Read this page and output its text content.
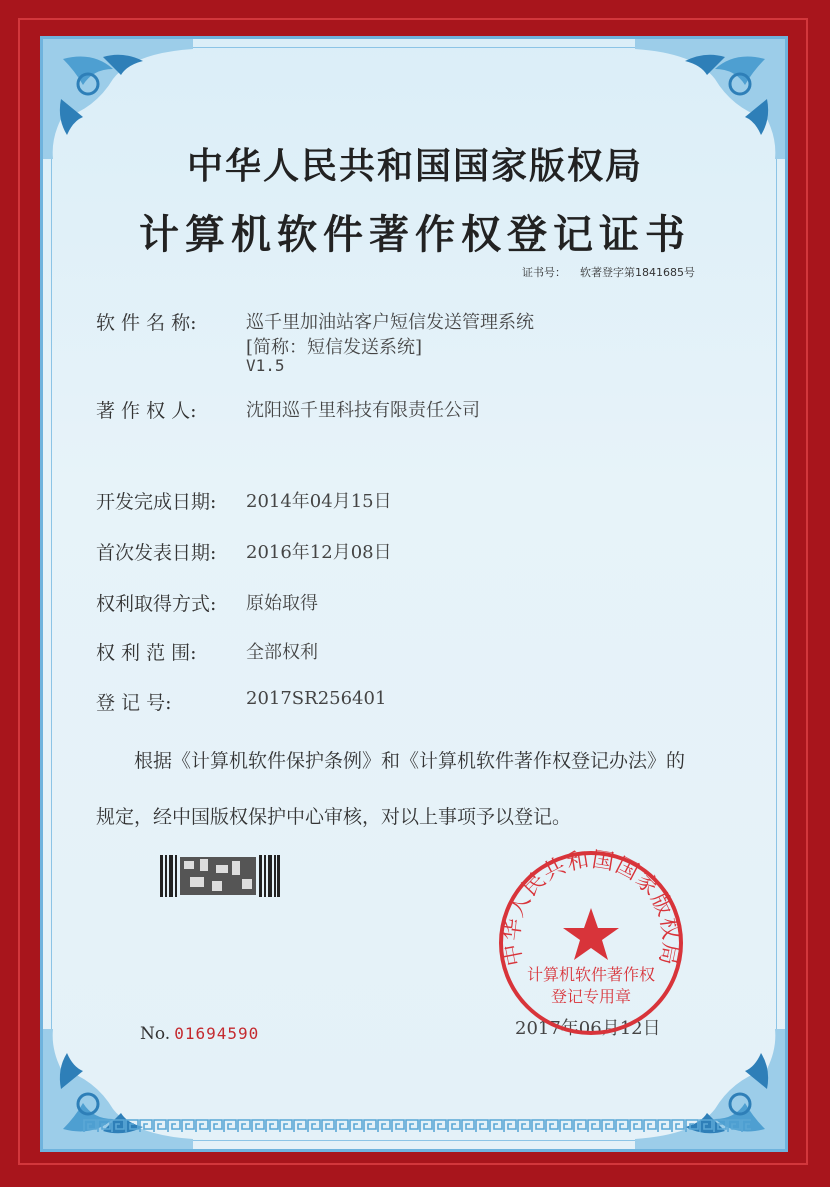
中华人民共和国国家版权局
计算机软件著作权登记证书
证书号： 软著登字第1841685号
软 件 名 称:	巡千里加油站客户短信发送管理系统
[简称：短信发送系统]
V1.5
著 作 权 人:	沈阳巡千里科技有限责任公司
开发完成日期: 2014年04月15日
首次发表日期: 2016年12月08日
权利取得方式: 原始取得
权 利 范 围:	全部权利
登 记 号:	2017SR256401
根据《计算机软件保护条例》和《计算机软件著作权登记办法》的
规定，经中国版权保护中心审核，对以上事项予以登记。
2017年06月12日
中华人民共和国国家版权局
计算机软件著作权
登记专用章
No. 01694590
